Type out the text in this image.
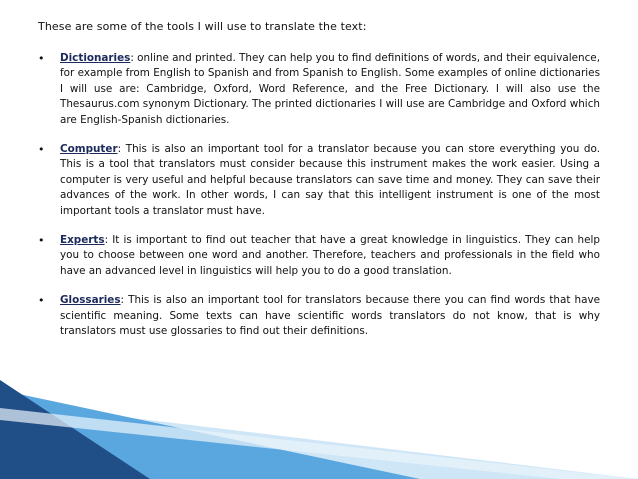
These are some of the tools I will use to translate the text:

• Dictionaries: online and printed. They can help you to find definitions of words, and their equivalence, for example from English to Spanish and from Spanish to English. Some examples of online dictionaries I will use are: Cambridge, Oxford, Word Reference, and the Free Dictionary. I will also use the Thesaurus.com synonym Dictionary. The printed dictionaries I will use are Cambridge and Oxford which are English-Spanish dictionaries.
• Computer: This is also an important tool for a translator because you can store everything you do. This is a tool that translators must consider because this instrument makes the work easier. Using a computer is very useful and helpful because translators can save time and money. They can save their advances of the work. In other words, I can say that this intelligent instrument is one of the most important tools a translator must have.
• Experts: It is important to find out teacher that have a great knowledge in linguistics. They can help you to choose between one word and another. Therefore, teachers and professionals in the field who have an advanced level in linguistics will help you to do a good translation.
• Glossaries: This is also an important tool for translators because there you can find words that have scientific meaning. Some texts can have scientific words translators do not know, that is why translators must use glossaries to find out their definitions.
